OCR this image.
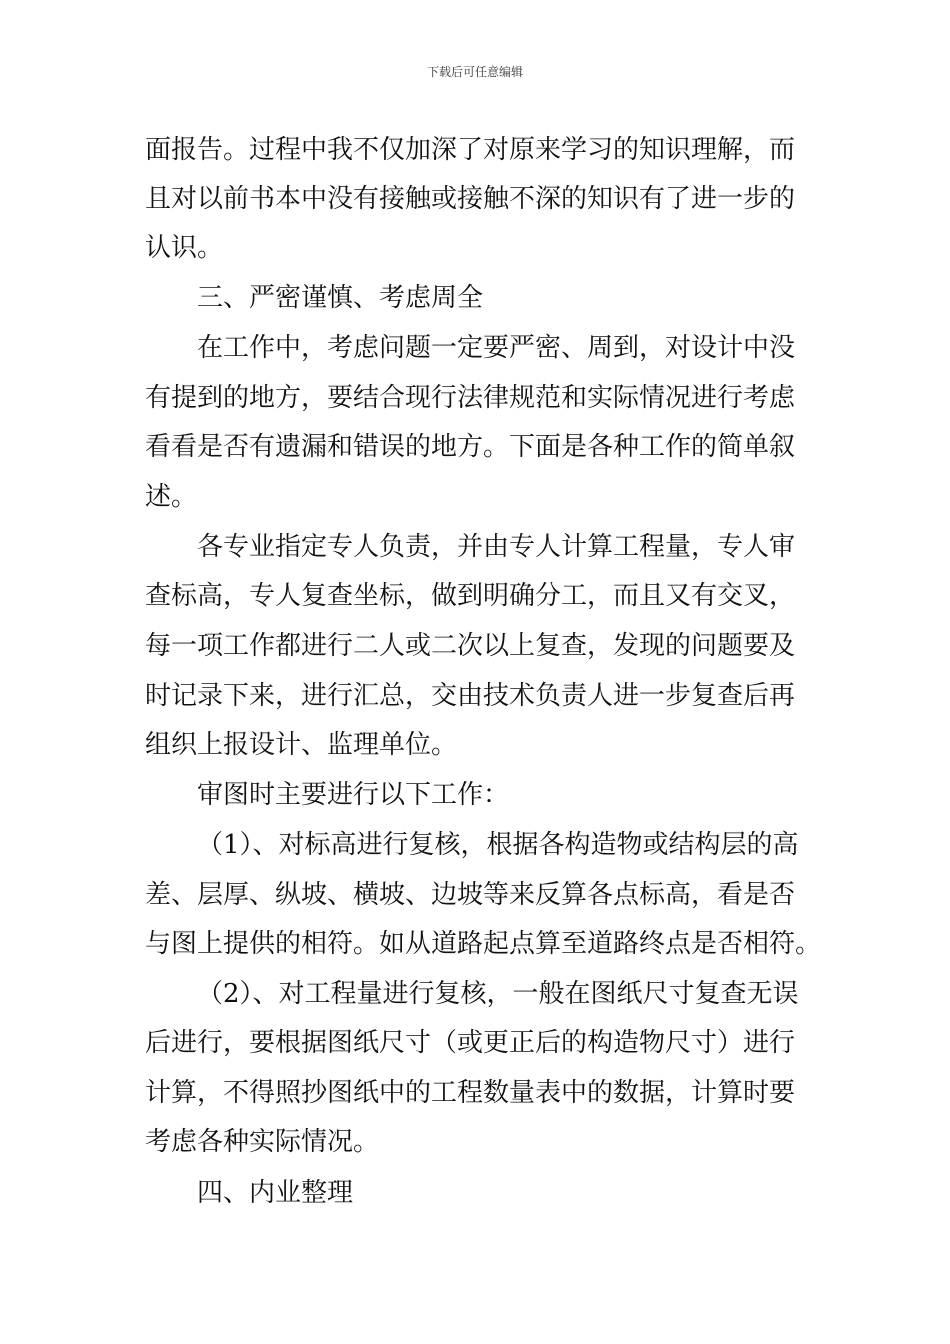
下载后可任意编辑
面报告。过程中我不仅加深了对原来学习的知识理解，而
且对以前书本中没有接触或接触不深的知识有了进一步的
认识。
三、严密谨慎、考虑周全
在工作中，考虑问题一定要严密、周到，对设计中没
有提到的地方，要结合现行法律规范和实际情况进行考虑
看看是否有遗漏和错误的地方。下面是各种工作的简单叙
述。
各专业指定专人负责，并由专人计算工程量，专人审
查标高，专人复查坐标，做到明确分工，而且又有交叉，
每一项工作都进行二人或二次以上复查，发现的问题要及
时记录下来，进行汇总，交由技术负责人进一步复查后再
组织上报设计、监理单位。
审图时主要进行以下工作：
（1）、对标高进行复核，根据各构造物或结构层的高
差、层厚、纵坡、横坡、边坡等来反算各点标高，看是否
与图上提供的相符。如从道路起点算至道路终点是否相符。
（2）、对工程量进行复核，一般在图纸尺寸复查无误
后进行，要根据图纸尺寸（或更正后的构造物尺寸）进行
计算，不得照抄图纸中的工程数量表中的数据，计算时要
考虑各种实际情况。
四、内业整理
